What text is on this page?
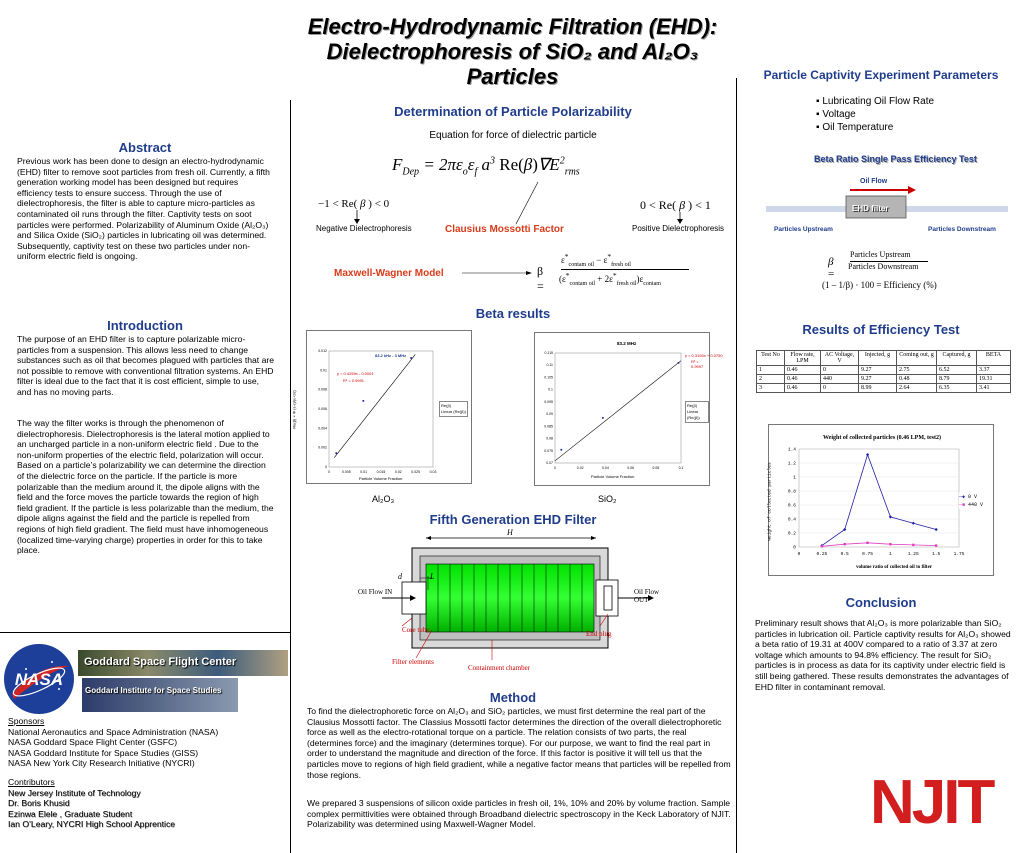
Electro-Hydrodynamic Filtration (EHD):
Dielectrophoresis of SiO₂ and Al₂O₃
Particles
Abstract
Previous work has been done to design an electro-hydrodynamic (EHD) filter to remove soot particles from fresh oil. Currently, a fifth generation working model has been designed but requires efficiency tests to ensure success. Through the use of dielectrophoresis, the filter is able to capture micro-particles as contaminated oil runs through the filter. Captivity tests on soot particles were performed. Polarizability of Aluminum Oxide (Al₂O₃) and Silica Oxide (SiO₂) particles in lubricating oil was determined. Subsequently, captivity test on these two particles under non-uniform electric field is ongoing.
Introduction
The purpose of an EHD filter is to capture polarizable micro-particles from a suspension. This allows less need to change substances such as oil that becomes plagued with particles that are not possible to remove with conventional filtration systems. An EHD filter is ideal due to the fact that it is cost efficient, simple to use, and has no moving parts.
The way the filter works is through the phenomenon of dielectrophoresis. Dielectrophoresis is the lateral motion applied to an uncharged particle in a non-uniform electric field . Due to the non-uniform properties of the electric field, polarization will occur. Based on a particle’s polarizability we can determine the direction of the dielectric force on the particle. If the particle is more polarizable than the medium around it, the dipole aligns with the field and the force moves the particle towards the region of high field gradient. If the particle is less polarizable than the medium, the dipole aligns against the field and the particle is repelled from regions of high field gradient. The field must have inhomogeneous (localized time-varying charge) properties in order for this to take place.
NASA
Goddard Space Flight Center
Goddard Institute for Space Studies
Sponsors
National Aeronautics and Space Administration (NASA)
NASA Goddard Space Flight Center (GSFC)
NASA Goddard Institute for Space Studies (GISS)
NASA New York City Research Initiative (NYCRI)
Contributors
New Jersey Institute of Technology
Dr. Boris Khusid
Ezinwa Elele , Graduate Student
Ian O’Leary, NYCRI High School Apprentice
Determination of Particle Polarizability
Equation for force of dielectric particle
$F_{Dep} = 2\pi\varepsilon_o\varepsilon_f$ $a^3$ $Re(\beta)\nabla E^2_{rms}$
−1 < Re( β ) < 0	0 < Re( β ) < 1
Negative Dielectrophoresis	Clausius Mossotti Factor	Positive Dielectrophoresis
Maxwell-Wagner Model	β =
$\varepsilon^*_{contam oil} - \varepsilon^*_{fresh oil}$
$(\varepsilon^*_{contam oil} + 2\varepsilon^*_{fresh oil})\varepsilon_{contam}$
Beta results
0	0.005	0.01	0.015	0.02	0.025	0.03
0
0.002
0.004
0.006
0.008
0.01
0.012
83.2 kHz - 3 MHz
y = 0.4259x - 0.0001
R² = 0.9991
Particle Volume Fraction
Re(β) × Φ (ε-ε)/(ε+2ε)	Re(β)
Linear (Re(β))
Al₂O₃
0	0.02	0.04	0.06	0.08	0.1
0.07
0.075
0.08
0.085
0.09
0.095
0.1
0.105
0.11
0.115
83.2 MHz
y = 0.3150x + 0.0750
R² = 0.9997
Particle Volume Fraction
Re(β)
Linear (Re(β))
SiO₂
Fifth Generation EHD Filter
H
d	L
Oil Flow IN	Oil Flow OUT
Core tube	End plug
Filter elements
Containment chamber
Method
To find the dielectrophoretic force on Al₂O₃ and SiO₂ particles, we must first determine the real part of the Clausius Mossotti factor. The Classius Mossotti factor determines the direction of the overall dielectrophoretic force as well as the electro-rotational torque on a particle. The relation consists of two parts, the real (determines force) and the imaginary (determines torque). For our purpose, we want to find the real part in order to understand the magnitude and direction of the force. If this factor is positive it will tell us that the particles move to regions of high field gradient, while a negative factor means that particles will be repelled from those regions.
We prepared 3 suspensions of silicon oxide particles in fresh oil, 1%, 10% and 20% by volume fraction. Sample complex permittivities were obtained through Broadband dielectric spectroscopy in the Keck Laboratory of NJIT. Polarizability was determined using Maxwell-Wagner Model.
Particle Captivity Experiment Parameters
▪ Lubricating Oil Flow Rate
▪ Voltage
▪ Oil Temperature
Beta Ratio Single Pass Efficiency Test
Oil Flow
EHD filter
Particles Upstream	Particles Downstream
β =
Particles Upstream
Particles Downstream
(1 – 1/β) · 100 = Efficiency (%)
Results of Efficiency Test
Test No	Flow rate, LPM	AC Voltage, V	Injected, g	Coming out, g	Captured, g	BETA
1	0.46	0	9.27	2.75	6.52	3.37
2	0.46	440	9.27	0.48	8.79	19.31
3	0.46	0	8.99	2.64	6.35	3.41
Weight of collected particles (0.46 LPM, test2)
0
0.2
0.4
0.6
0.8
1
1.2
1.4
0	0.25	0.5	0.75	1	1.25	1.5	1.75
volume ratio of collected oil to filter
weight of collected particles	—◆ 0 V
—■ 440 V
Conclusion
Preliminary result shows that Al₂O₃ is more polarizable than SiO₂ particles in lubrication oil. Particle captivity results for Al₂O₃ showed a beta ratio of 19.31 at 400V compared to a ratio of 3.37 at zero voltage which amounts to 94.8% efficiency. The result for SiO₂ particles is in process as data for its captivity under electric field is still being gathered. These results demonstrates the advantages of EHD filter in contaminant removal.
NJIT
